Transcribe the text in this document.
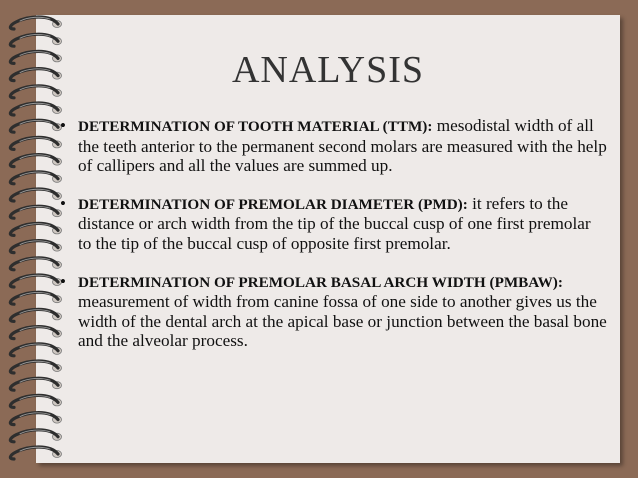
ANALYSIS
• DETERMINATION OF TOOTH MATERIAL (TTM): mesodistal width of all the teeth anterior to the permanent second molars are measured with the help of callipers and all the values are summed up.
• DETERMINATION OF PREMOLAR DIAMETER (PMD): it refers to the distance or arch width from the tip of the buccal cusp of one first premolar to the tip of the buccal cusp of opposite first premolar.
• DETERMINATION OF PREMOLAR BASAL ARCH WIDTH (PMBAW): measurement of width from canine fossa of one side to another gives us the width of the dental arch at the apical base or junction between the basal bone and the alveolar process.
